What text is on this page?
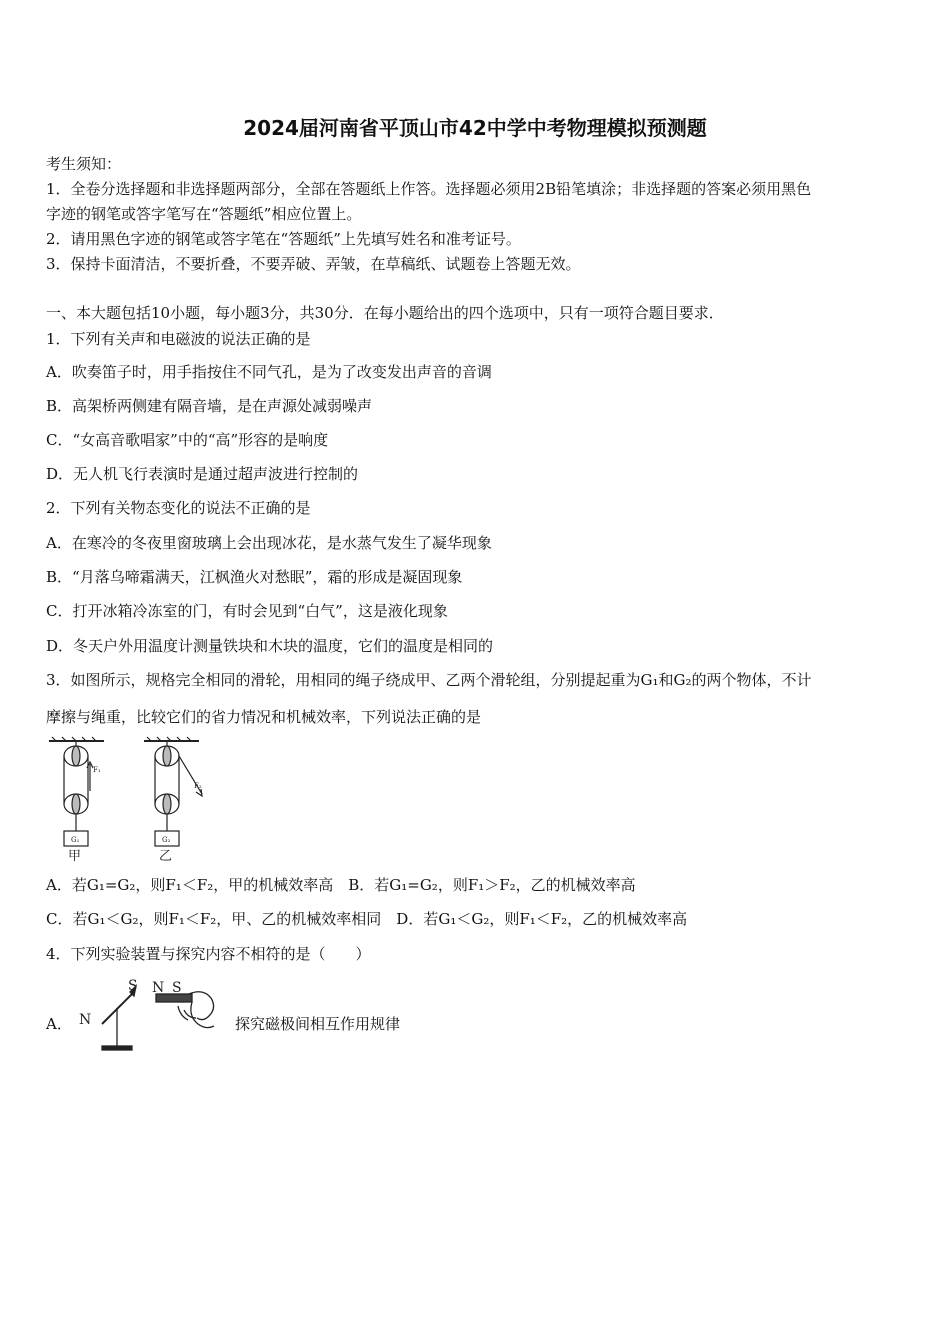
2024届河南省平顶山市42中学中考物理模拟预测题
考生须知：
1．全卷分选择题和非选择题两部分，全部在答题纸上作答。选择题必须用2B铅笔填涂；非选择题的答案必须用黑色
字迹的钢笔或答字笔写在“答题纸”相应位置上。
2．请用黑色字迹的钢笔或答字笔在“答题纸”上先填写姓名和准考证号。
3．保持卡面清洁，不要折叠，不要弄破、弄皱，在草稿纸、试题卷上答题无效。
一、本大题包括10小题，每小题3分，共30分．在每小题给出的四个选项中，只有一项符合题目要求．
1．下列有关声和电磁波的说法正确的是
A．吹奏笛子时，用手指按住不同气孔，是为了改变发出声音的音调
B．高架桥两侧建有隔音墙，是在声源处减弱噪声
C．“女高音歌唱家”中的“高”形容的是响度
D．无人机飞行表演时是通过超声波进行控制的
2．下列有关物态变化的说法不正确的是
A．在寒冷的冬夜里窗玻璃上会出现冰花，是水蒸气发生了凝华现象
B．“月落乌啼霜满天，江枫渔火对愁眠”，霜的形成是凝固现象
C．打开冰箱冷冻室的门，有时会见到“白气”，这是液化现象
D．冬天户外用温度计测量铁块和木块的温度，它们的温度是相同的
3．如图所示，规格完全相同的滑轮，用相同的绳子绕成甲、乙两个滑轮组，分别提起重为G₁和G₂的两个物体，不计
摩擦与绳重，比较它们的省力情况和机械效率，下列说法正确的是
F₁
F₂
G₁	G₂
甲	乙
A．若G₁=G₂，则F₁＜F₂，甲的机械效率高　B．若G₁=G₂，则F₁＞F₂，乙的机械效率高
C．若G₁＜G₂，则F₁＜F₂，甲、乙的机械效率相同　D．若G₁＜G₂，则F₁＜F₂，乙的机械效率高
4．下列实验装置与探究内容不相符的是（　　）
A． N
S N S
探究磁极间相互作用规律
